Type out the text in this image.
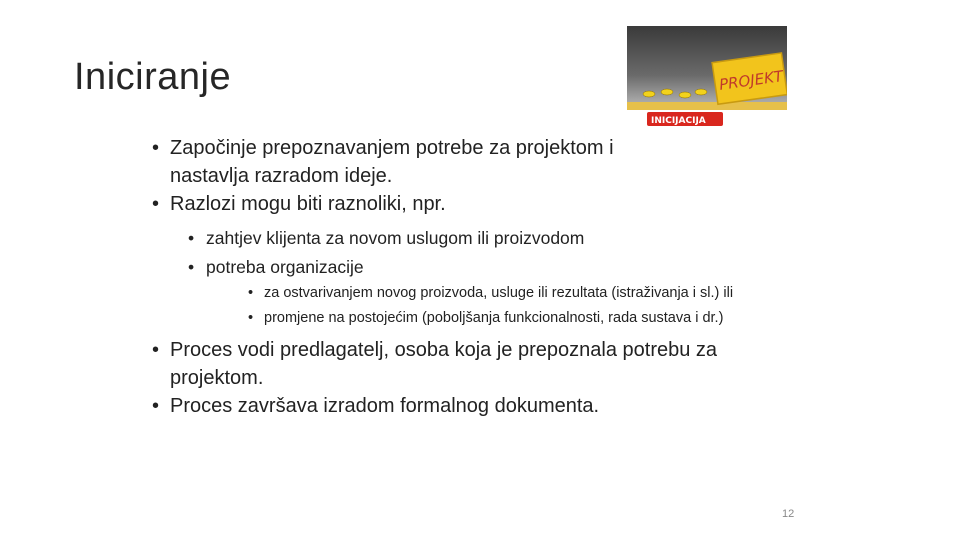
Iniciranje	PROJEKT
INICIJACIJA
• Započinje prepoznavanjem potrebe za projektom i nastavlja razradom ideje.
• Razlozi mogu biti raznoliki, npr.
• zahtjev klijenta za novom uslugom ili proizvodom
• potreba organizacije
• za ostvarivanjem novog proizvoda, usluge ili rezultata (istraživanja i sl.) ili
• promjene na postojećim (poboljšanja funkcionalnosti, rada sustava i dr.)
• Proces vodi predlagatelj, osoba koja je prepoznala potrebu za projektom.
• Proces završava izradom formalnog dokumenta.
12
